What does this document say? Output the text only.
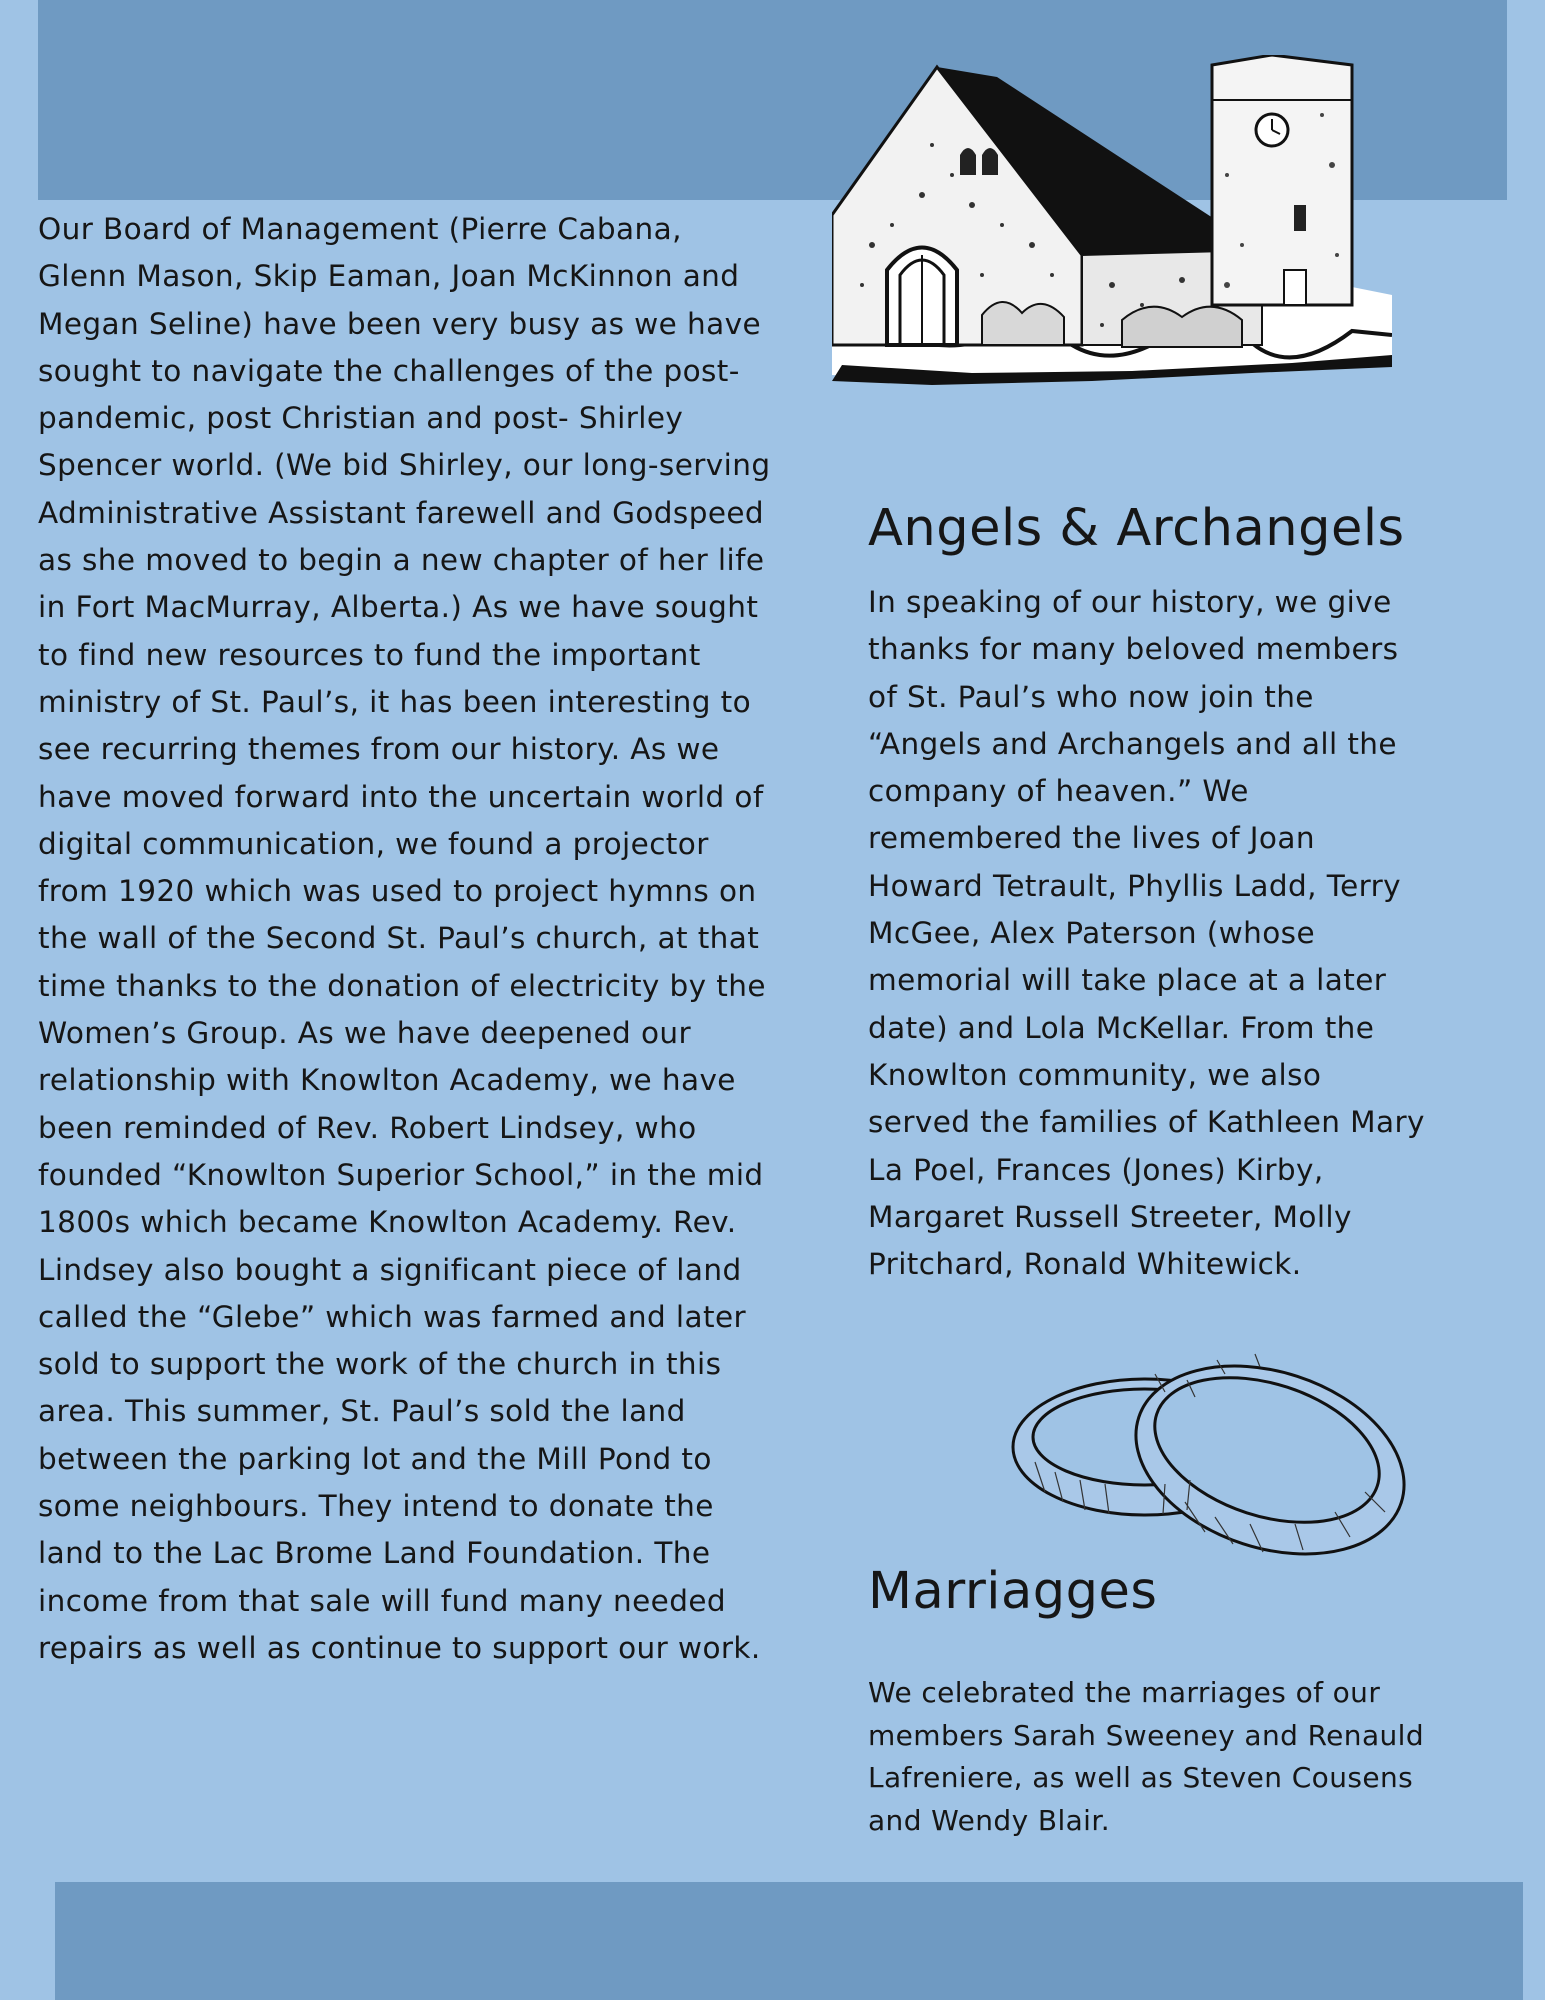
Our Board of Management (Pierre Cabana, Glenn Mason, Skip Eaman, Joan McKinnon and Megan Seline) have been very busy as we have sought to navigate the challenges of the post-pandemic, post Christian and post- Shirley Spencer world. (We bid Shirley, our long-serving Administrative Assistant farewell and Godspeed as she moved to begin a new chapter of her life in Fort MacMurray, Alberta.) As we have sought to find new resources to fund the important ministry of St. Paul’s, it has been interesting to see recurring themes from our history. As we have moved forward into the uncertain world of digital communication, we found a projector from 1920 which was used to project hymns on the wall of the Second St. Paul’s church, at that time thanks to the donation of electricity by the Women’s Group. As we have deepened our relationship with Knowlton Academy, we have been reminded of Rev. Robert Lindsey, who founded “Knowlton Superior School,” in the mid 1800s which became Knowlton Academy. Rev. Lindsey also bought a significant piece of land called the “Glebe” which was farmed and later sold to support the work of the church in this area. This summer, St. Paul’s sold the land between the parking lot and the Mill Pond to some neighbours. They intend to donate the land to the Lac Brome Land Foundation. The income from that sale will fund many needed repairs as well as continue to support our work.

Angels & Archangels

In speaking of our history, we give thanks for many beloved members of St. Paul’s who now join the “Angels and Archangels and all the company of heaven.” We remembered the lives of Joan Howard Tetrault, Phyllis Ladd, Terry McGee, Alex Paterson (whose memorial will take place at a later date) and Lola McKellar. From the Knowlton community, we also served the families of Kathleen Mary La Poel, Frances (Jones) Kirby, Margaret Russell Streeter, Molly Pritchard, Ronald Whitewick.

Marriagges

We celebrated the marriages of our members Sarah Sweeney and Renauld Lafreniere, as well as Steven Cousens and Wendy Blair.
